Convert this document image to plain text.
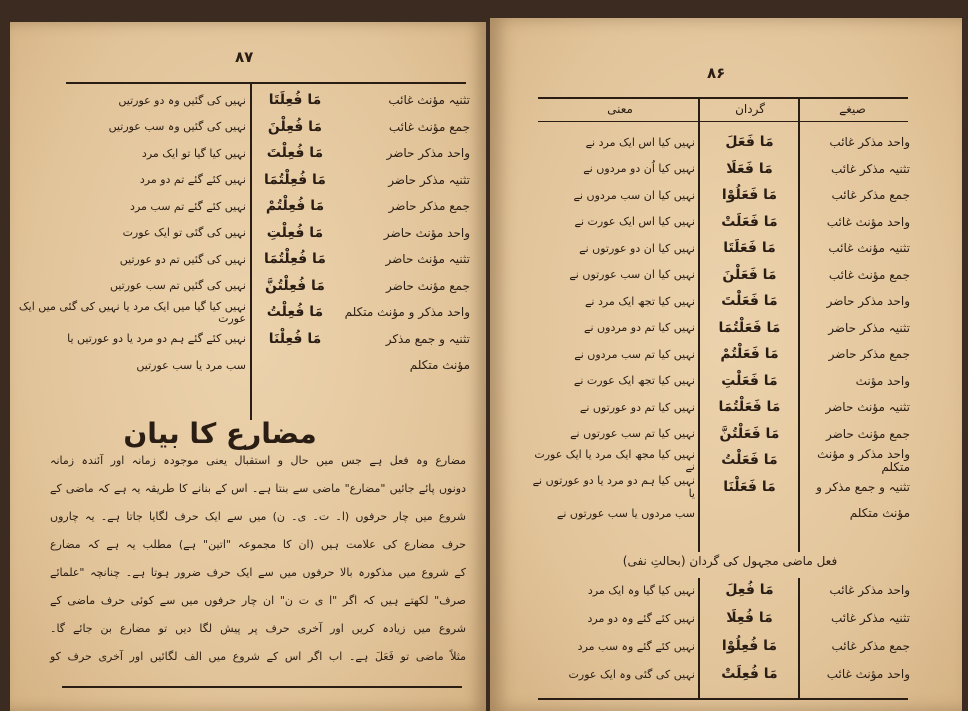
۸۷
تثنیہ مؤنث غائب
مَا فُعِلَتَا
نہیں کی گئیں وہ دو عورتیں
جمع مؤنث غائب
مَا فُعِلْنَ
نہیں کی گئیں وہ سب عورتیں
واحد مذکر حاضر
مَا فُعِلْتَ
نہیں کیا گیا تو ایک مرد
تثنیہ مذکر حاضر
مَا فُعِلْتُمَا
نہیں کئے گئے تم دو مرد
جمع مذکر حاضر
مَا فُعِلْتُمْ
نہیں کئے گئے تم سب مرد
واحد مؤنث حاضر
مَا فُعِلْتِ
نہیں کی گئی تو ایک عورت
تثنیہ مؤنث حاضر
مَا فُعِلْتُمَا
نہیں کی گئیں تم دو عورتیں
جمع مؤنث حاضر
مَا فُعِلْتُنَّ
نہیں کی گئیں تم سب عورتیں
واحد مذکر و مؤنث متکلم
مَا فُعِلْتُ
نہیں کیا گیا میں ایک مرد یا نہیں کی گئی میں ایک عورت
تثنیہ و جمع مذکر
مَا فُعِلْنَا
نہیں کئے گئے ہم دو مرد یا دو عورتیں یا
مؤنث متکلم
سب مرد یا سب عورتیں
مضارع کا بیان
مضارع وہ فعل ہے جس میں حال و استقبال یعنی موجودہ زمانہ اور آئندہ زمانہ
دونوں پائے جائیں "مضارع" ماضی سے بنتا ہے۔ اس کے بنانے کا طریقہ یہ ہے کہ ماضی کے
شروع میں چار حرفوں (ا۔ ت۔ ی۔ ن) میں سے ایک حرف لگایا جاتا ہے۔ یہ چاروں
حرف مضارع کی علامت ہیں (ان کا مجموعہ "اتین" ہے) مطلب یہ ہے کہ مضارع
کے شروع میں مذکورہ بالا حرفوں میں سے ایک حرف ضرور ہوتا ہے۔ چنانچہ "علمائے
صرف" لکھتے ہیں کہ اگر "ا ی ت ن" ان چار حرفوں میں سے کوئی حرف ماضی کے
شروع میں زیادہ کریں اور آخری حرف پر پیش لگا دیں تو مضارع بن جائے گا۔
مثلاً ماضی تو فَعَلَ ہے۔ اب اگر اس کے شروع میں الف لگائیں اور آخری حرف کو
۸۶
صیغے
گردان
معنی
واحد مذکر غائب
مَا فَعَلَ
نہیں کیا اس ایک مرد نے
تثنیہ مذکر غائب
مَا فَعَلَا
نہیں کیا اُن دو مردوں نے
جمع مذکر غائب
مَا فَعَلُوْا
نہیں کیا ان سب مردوں نے
واحد مؤنث غائب
مَا فَعَلَتْ
نہیں کیا اس ایک عورت نے
تثنیہ مؤنث غائب
مَا فَعَلَتَا
نہیں کیا ان دو عورتوں نے
جمع مؤنث غائب
مَا فَعَلْنَ
نہیں کیا ان سب عورتوں نے
واحد مذکر حاضر
مَا فَعَلْتَ
نہیں کیا تجھ ایک مرد نے
تثنیہ مذکر حاضر
مَا فَعَلْتُمَا
نہیں کیا تم دو مردوں نے
جمع مذکر حاضر
مَا فَعَلْتُمْ
نہیں کیا تم سب مردوں نے
واحد مؤنث
مَا فَعَلْتِ
نہیں کیا تجھ ایک عورت نے
تثنیہ مؤنث حاضر
مَا فَعَلْتُمَا
نہیں کیا تم دو عورتوں نے
جمع مؤنث حاضر
مَا فَعَلْتُنَّ
نہیں کیا تم سب عورتوں نے
واحد مذکر و مؤنث متکلم
مَا فَعَلْتُ
نہیں کیا مجھ ایک مرد یا ایک عورت نے
تثنیہ و جمع مذکر و
مَا فَعَلْنَا
نہیں کیا ہم دو مرد یا دو عورتوں نے یا
مؤنث متکلم
سب مردوں یا سب عورتوں نے
فعل ماضی مجہول کی گردان (بحالتِ نفی)
واحد مذکر غائب
مَا فُعِلَ
نہیں کیا گیا وہ ایک مرد
تثنیہ مذکر غائب
مَا فُعِلَا
نہیں کئے گئے وہ دو مرد
جمع مذکر غائب
مَا فُعِلُوْا
نہیں کئے گئے وہ سب مرد
واحد مؤنث غائب
مَا فُعِلَتْ
نہیں کی گئی وہ ایک عورت
